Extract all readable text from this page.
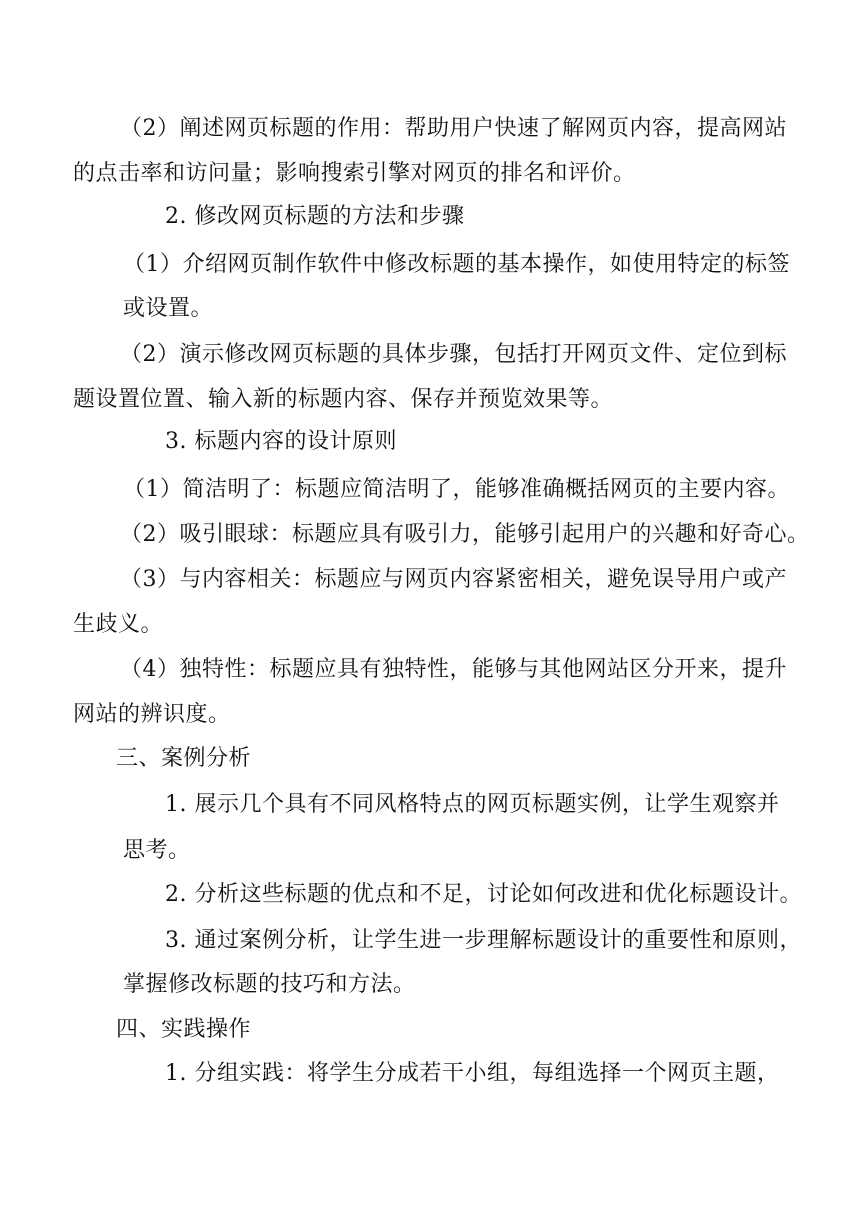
（2）阐述网页标题的作用：帮助用户快速了解网页内容，提高网站
的点击率和访问量；影响搜索引擎对网页的排名和评价。
2. 修改网页标题的方法和步骤
（1）介绍网页制作软件中修改标题的基本操作，如使用特定的标签
或设置。
（2）演示修改网页标题的具体步骤，包括打开网页文件、定位到标
题设置位置、输入新的标题内容、保存并预览效果等。
3. 标题内容的设计原则
（1）简洁明了：标题应简洁明了，能够准确概括网页的主要内容。
（2）吸引眼球：标题应具有吸引力，能够引起用户的兴趣和好奇心。
（3）与内容相关：标题应与网页内容紧密相关，避免误导用户或产
生歧义。
（4）独特性：标题应具有独特性，能够与其他网站区分开来，提升
网站的辨识度。
三、案例分析
1. 展示几个具有不同风格特点的网页标题实例，让学生观察并
思考。
2. 分析这些标题的优点和不足，讨论如何改进和优化标题设计。
3. 通过案例分析，让学生进一步理解标题设计的重要性和原则，
掌握修改标题的技巧和方法。
四、实践操作
1. 分组实践：将学生分成若干小组，每组选择一个网页主题，
